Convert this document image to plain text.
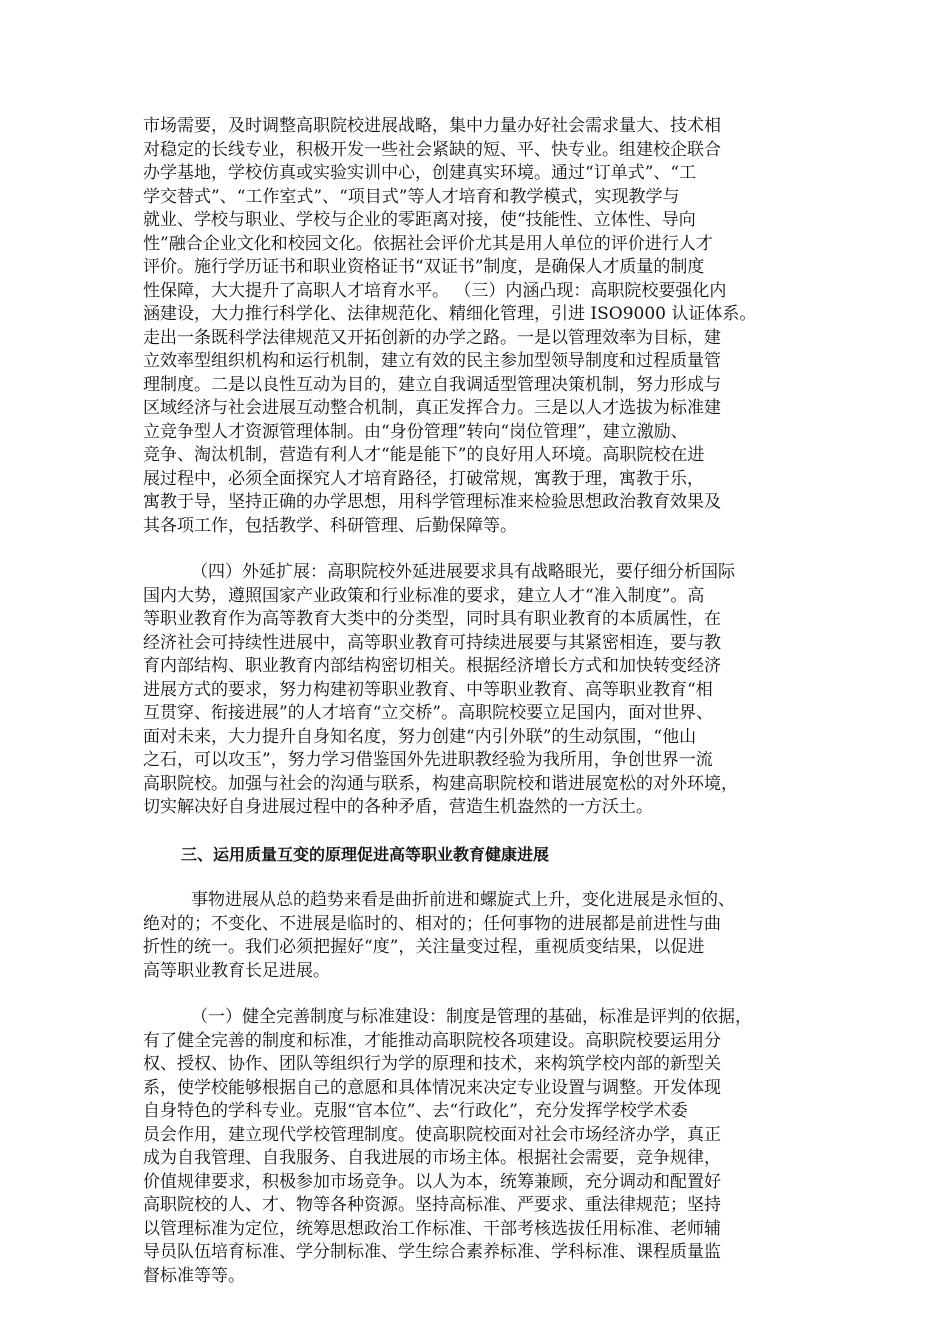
市场需要，及时调整高职院校进展战略，集中力量办好社会需求量大、技术相
对稳定的长线专业，积极开发一些社会紧缺的短、平、快专业。组建校企联合
办学基地，学校仿真或实验实训中心，创建真实环境。通过“订单式”、“工
学交替式”、“工作室式”、“项目式”等人才培育和教学模式，实现教学与
就业、学校与职业、学校与企业的零距离对接，使“技能性、立体性、导向
性”融合企业文化和校园文化。依据社会评价尤其是用人单位的评价进行人才
评价。施行学历证书和职业资格证书“双证书”制度，是确保人才质量的制度
性保障，大大提升了高职人才培育水平。 （三）内涵凸现：高职院校要强化内
涵建设，大力推行科学化、法律规范化、精细化管理，引进 ISO9000 认证体系。
走出一条既科学法律规范又开拓创新的办学之路。一是以管理效率为目标，建
立效率型组织机构和运行机制，建立有效的民主参加型领导制度和过程质量管
理制度。二是以良性互动为目的，建立自我调适型管理决策机制，努力形成与
区域经济与社会进展互动整合机制，真正发挥合力。三是以人才选拔为标准建
立竞争型人才资源管理体制。由“身份管理”转向“岗位管理”，建立激励、
竞争、淘汰机制，营造有利人才“能是能下”的良好用人环境。高职院校在进
展过程中，必须全面探究人才培育路径，打破常规，寓教于理，寓教于乐，
寓教于导，坚持正确的办学思想，用科学管理标准来检验思想政治教育效果及
其各项工作，包括教学、科研管理、后勤保障等。
（四）外延扩展：高职院校外延进展要求具有战略眼光，要仔细分析国际
国内大势，遵照国家产业政策和行业标准的要求，建立人才“准入制度”。高
等职业教育作为高等教育大类中的分类型，同时具有职业教育的本质属性，在
经济社会可持续性进展中，高等职业教育可持续进展要与其紧密相连，要与教
育内部结构、职业教育内部结构密切相关。根据经济增长方式和加快转变经济
进展方式的要求，努力构建初等职业教育、中等职业教育、高等职业教育“相
互贯穿、衔接进展”的人才培育“立交桥”。高职院校要立足国内，面对世界、
面对未来，大力提升自身知名度，努力创建“内引外联”的生动氛围，“他山
之石，可以攻玉”，努力学习借鉴国外先进职教经验为我所用，争创世界一流
高职院校。加强与社会的沟通与联系，构建高职院校和谐进展宽松的对外环境，
切实解决好自身进展过程中的各种矛盾，营造生机盎然的一方沃土。
三、运用质量互变的原理促进高等职业教育健康进展
事物进展从总的趋势来看是曲折前进和螺旋式上升，变化进展是永恒的、
绝对的；不变化、不进展是临时的、相对的；任何事物的进展都是前进性与曲
折性的统一。我们必须把握好“度”，关注量变过程，重视质变结果，以促进
高等职业教育长足进展。
（一）健全完善制度与标准建设：制度是管理的基础，标准是评判的依据，
有了健全完善的制度和标准，才能推动高职院校各项建设。高职院校要运用分
权、授权、协作、团队等组织行为学的原理和技术，来构筑学校内部的新型关
系，使学校能够根据自己的意愿和具体情况来决定专业设置与调整。开发体现
自身特色的学科专业。克服“官本位”、去“行政化”，充分发挥学校学术委
员会作用，建立现代学校管理制度。使高职院校面对社会市场经济办学，真正
成为自我管理、自我服务、自我进展的市场主体。根据社会需要，竞争规律，
价值规律要求，积极参加市场竞争。以人为本，统筹兼顾，充分调动和配置好
高职院校的人、才、物等各种资源。坚持高标准、严要求、重法律规范；坚持
以管理标准为定位，统筹思想政治工作标准、干部考核选拔任用标准、老师辅
导员队伍培育标准、学分制标准、学生综合素养标准、学科标准、课程质量监
督标准等等。
